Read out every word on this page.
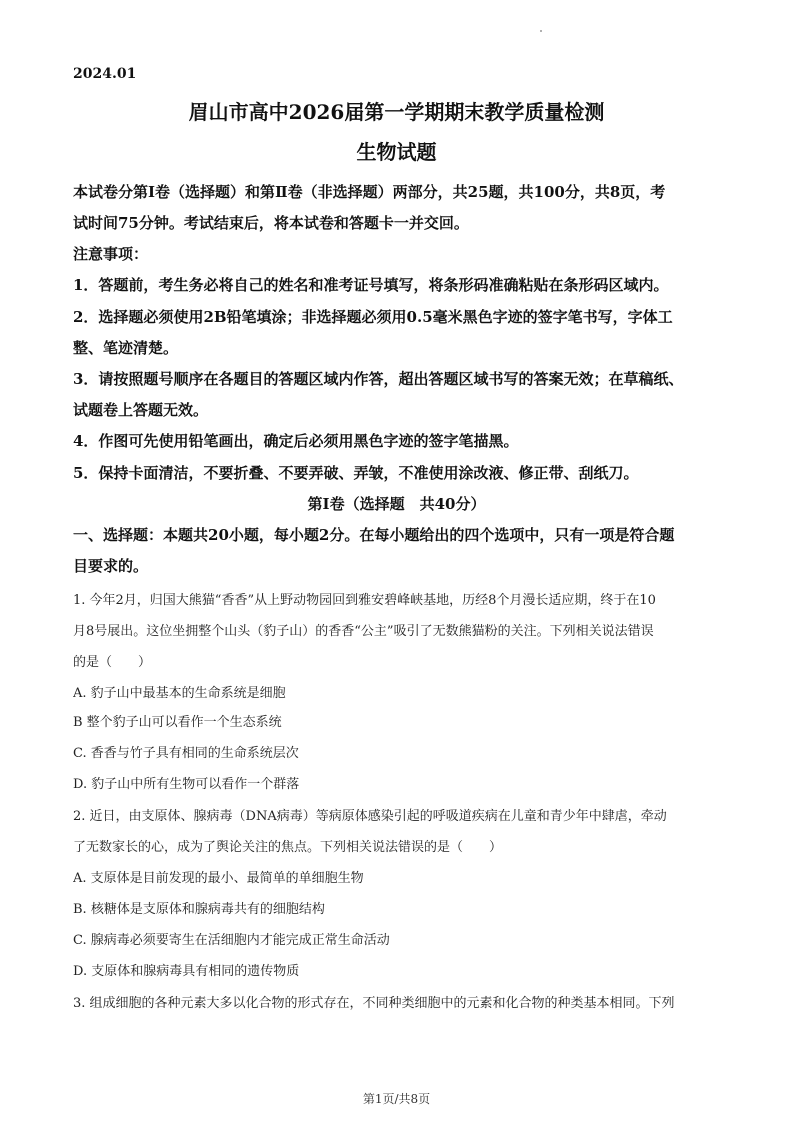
2024.01
眉山市高中2026届第一学期期末教学质量检测
生物试题
本试卷分第Ⅰ卷（选择题）和第Ⅱ卷（非选择题）两部分，共25题，共100分，共8页，考
试时间75分钟。考试结束后，将本试卷和答题卡一并交回。
注意事项：
1．答题前，考生务必将自己的姓名和准考证号填写，将条形码准确粘贴在条形码区域内。
2．选择题必须使用2B铅笔填涂；非选择题必须用0.5毫米黑色字迹的签字笔书写，字体工
整、笔迹清楚。
3．请按照题号顺序在各题目的答题区域内作答，超出答题区域书写的答案无效；在草稿纸、
试题卷上答题无效。
4．作图可先使用铅笔画出，确定后必须用黑色字迹的签字笔描黑。
5．保持卡面清洁，不要折叠、不要弄破、弄皱，不准使用涂改液、修正带、刮纸刀。
第Ⅰ卷（选择题　共40分）
一、选择题：本题共20小题，每小题2分。在每小题给出的四个选项中，只有一项是符合题
目要求的。
1. 今年2月，归国大熊猫“香香”从上野动物园回到雅安碧峰峡基地，历经8个月漫长适应期，终于在10
月8号展出。这位坐拥整个山头（豹子山）的香香“公主”吸引了无数熊猫粉的关注。下列相关说法错误
的是（　　）
A. 豹子山中最基本的生命系统是细胞
B 整个豹子山可以看作一个生态系统
C. 香香与竹子具有相同的生命系统层次
D. 豹子山中所有生物可以看作一个群落
2. 近日，由支原体、腺病毒（DNA病毒）等病原体感染引起的呼吸道疾病在儿童和青少年中肆虐，牵动
了无数家长的心，成为了舆论关注的焦点。下列相关说法错误的是（　　）
A. 支原体是目前发现的最小、最简单的单细胞生物
B. 核糖体是支原体和腺病毒共有的细胞结构
C. 腺病毒必须要寄生在活细胞内才能完成正常生命活动
D. 支原体和腺病毒具有相同的遗传物质
3. 组成细胞的各种元素大多以化合物的形式存在，不同种类细胞中的元素和化合物的种类基本相同。下列
第1页/共8页
